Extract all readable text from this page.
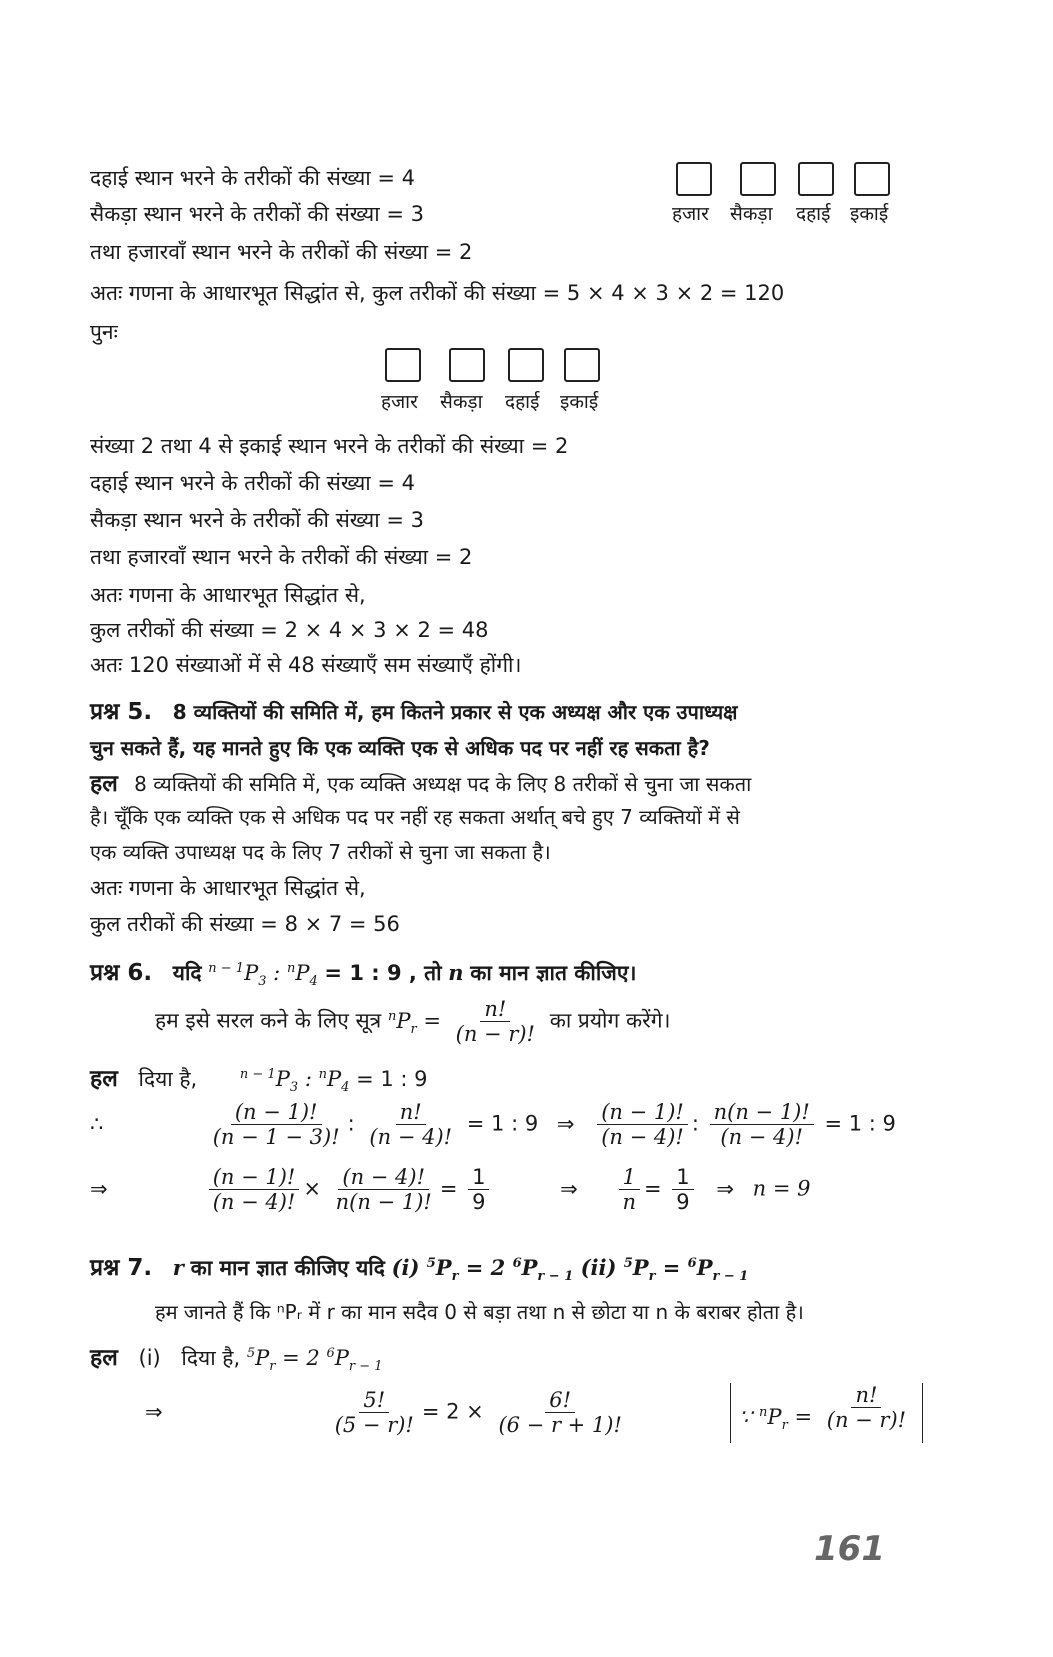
दहाई स्थान भरने के तरीकों की संख्या = 4
सैकड़ा स्थान भरने के तरीकों की संख्या = 3
तथा हजारवाँ स्थान भरने के तरीकों की संख्या = 2
अतः गणना के आधारभूत सिद्धांत से, कुल तरीकों की संख्या = 5 × 4 × 3 × 2 = 120
पुनः
हजार सैकड़ा दहाई इकाई
हजार सैकड़ा दहाई इकाई
संख्या 2 तथा 4 से इकाई स्थान भरने के तरीकों की संख्या = 2
दहाई स्थान भरने के तरीकों की संख्या = 4
सैकड़ा स्थान भरने के तरीकों की संख्या = 3
तथा हजारवाँ स्थान भरने के तरीकों की संख्या = 2
अतः गणना के आधारभूत सिद्धांत से,
कुल तरीकों की संख्या = 2 × 4 × 3 × 2 = 48
अतः 120 संख्याओं में से 48 संख्याएँ सम संख्याएँ होंगी।
प्रश्न 5. 8 व्यक्तियों की समिति में, हम कितने प्रकार से एक अध्यक्ष और एक उपाध्यक्ष
चुन सकते हैं, यह मानते हुए कि एक व्यक्ति एक से अधिक पद पर नहीं रह सकता है?
हल 8 व्यक्तियों की समिति में, एक व्यक्ति अध्यक्ष पद के लिए 8 तरीकों से चुना जा सकता
है। चूँकि एक व्यक्ति एक से अधिक पद पर नहीं रह सकता अर्थात् बचे हुए 7 व्यक्तियों में से
एक व्यक्ति उपाध्यक्ष पद के लिए 7 तरीकों से चुना जा सकता है।
अतः गणना के आधारभूत सिद्धांत से,
कुल तरीकों की संख्या = 8 × 7 = 56
प्रश्न 6. यदि $^{n - 1}P_3$ : $^nP_4 = 1$ : 9 , तो n का मान ज्ञात कीजिए।
हम इसे सरल कने के लिए सूत्र $^nP_r = \frac{n!}{(n - r)!}$ का प्रयोग करेंगे।
हल दिया है,	$^{n - 1}P_3$ : $^nP_4 = 1$ : 9
∴	$\frac{(n - 1)!}{(n - 1 - 3)!}$ : $\frac{n!}{(n - 4)!} = 1$ : 9 ⇒ $\frac{(n - 1)!}{(n - 4)!}$ : $\frac{n(n - 1)!}{(n - 4)!} = 1$ : 9
⇒	$\frac{(n - 1)!}{(n - 4)!} \times \frac{(n - 4)!}{n(n - 1)!} = \frac{1}{9}$	⇒ $\frac{1}{n} = \frac{1}{9}$ ⇒ n = 9
प्रश्न 7. r का मान ज्ञात कीजिए यदि (i) $^5P_r = 2$ $^6P_{r - 1}$ (ii) $^5P_r = ^6P_{r - 1}$
हम जानते हैं कि ⁿPᵣ में r का मान सदैव 0 से बड़ा तथा n से छोटा या n के बराबर होता है।
हल (i) दिया है, $^5P_r = 2$ $^6P_{r - 1}$
⇒	$\frac{5!}{(5 - r)!} = 2 \times \frac{6!}{(6 - r + 1)!}$	∵ $^nP_r = \frac{n!}{(n - r)!}$
161
